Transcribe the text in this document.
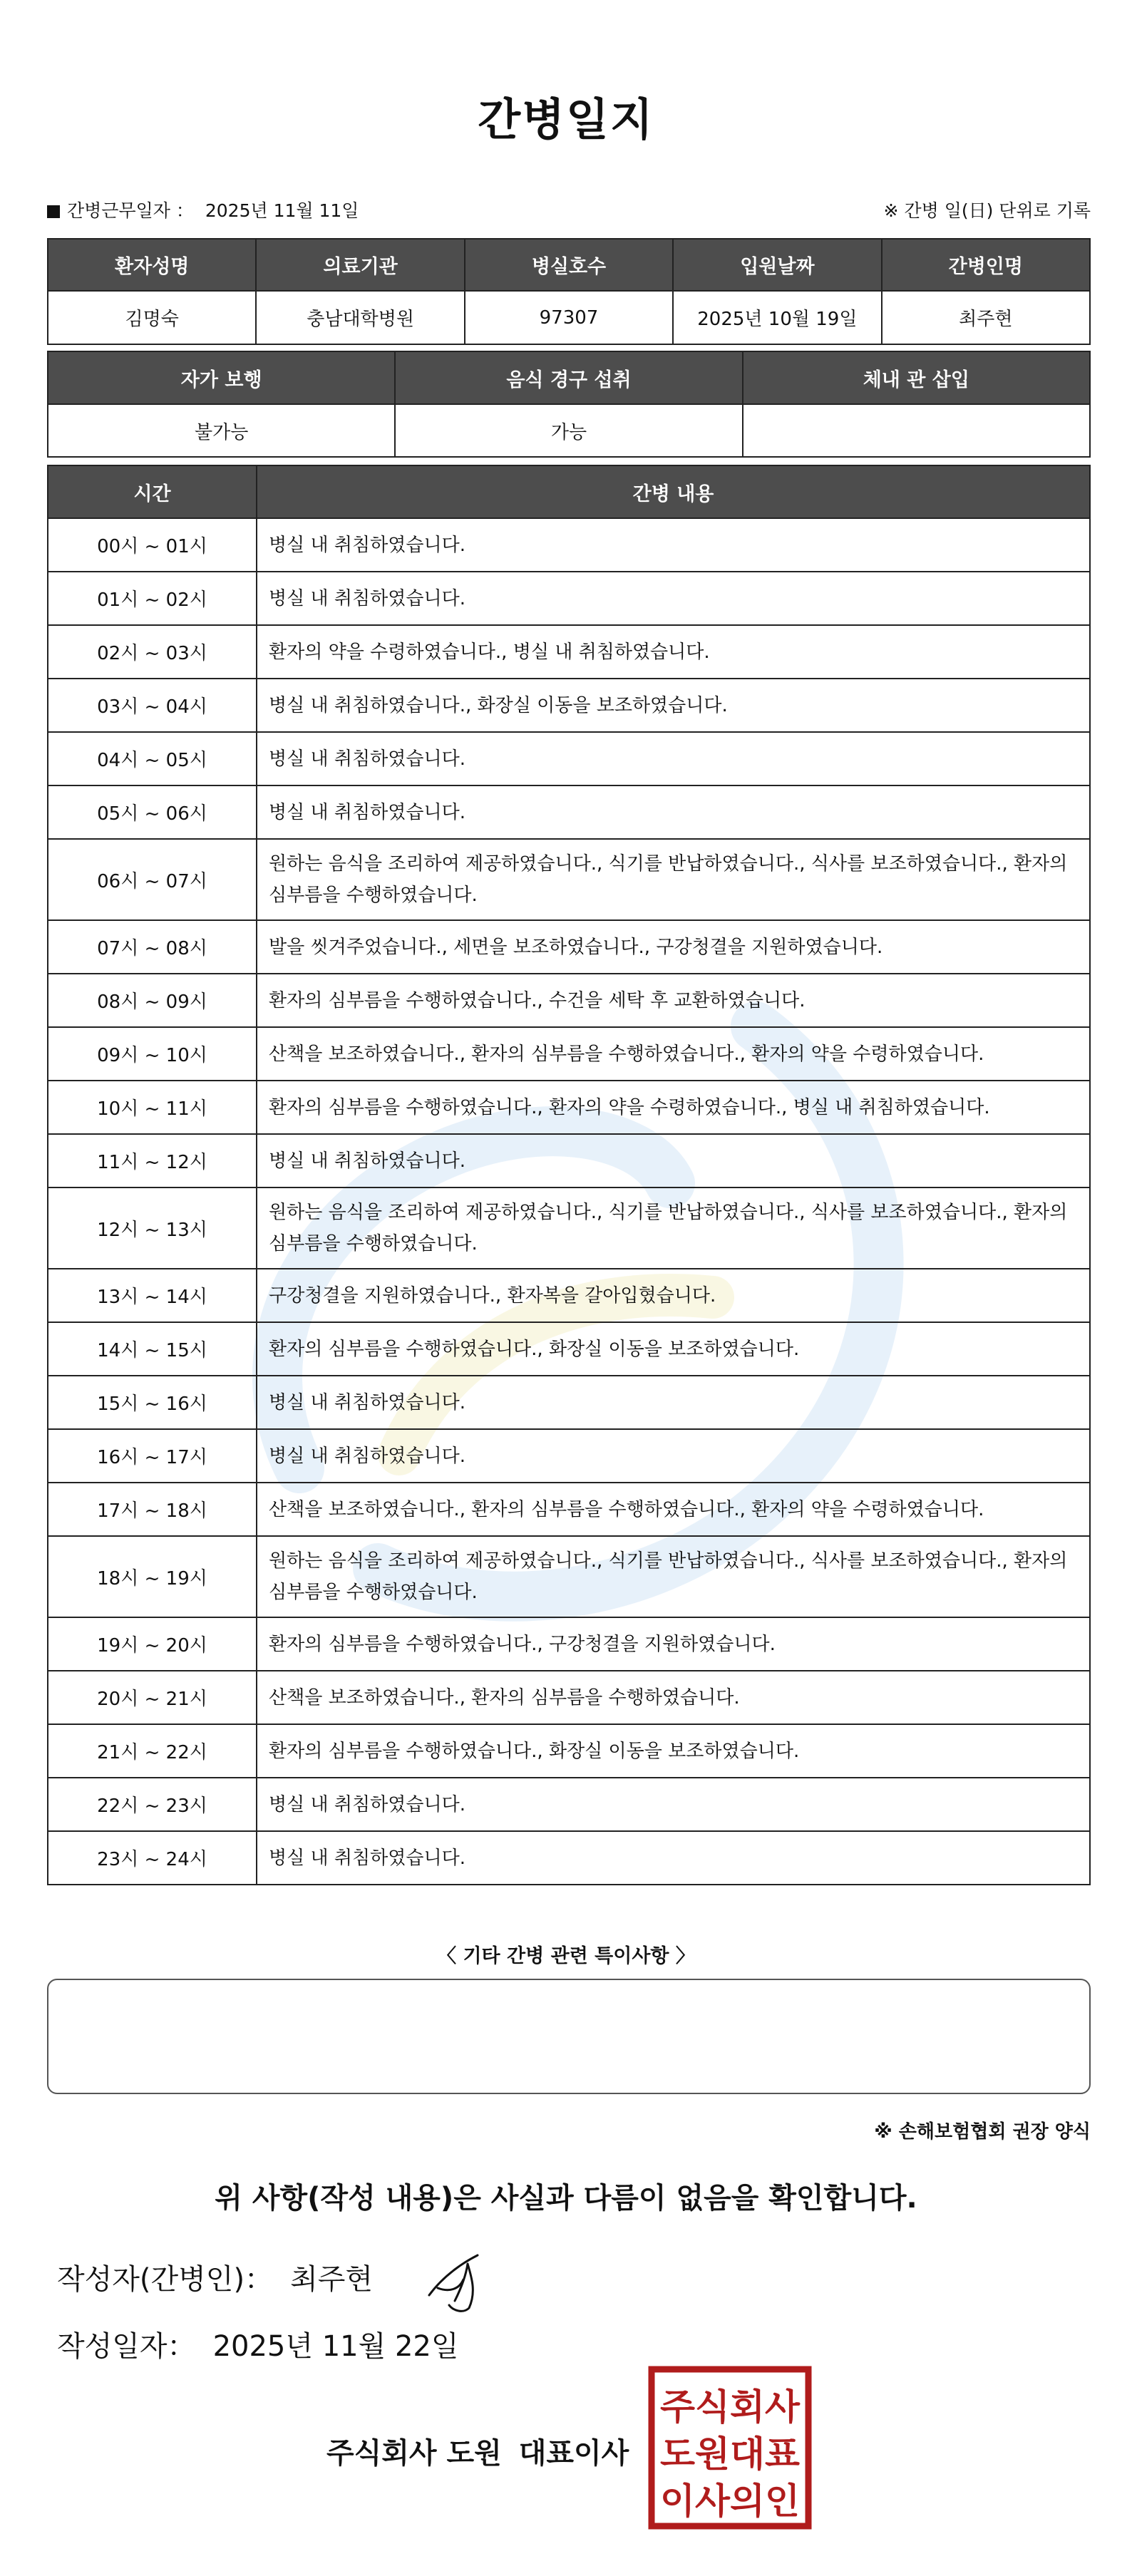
간병일지
간병근무일자 ： 2025년 11월 11일	※ 간병 일(日) 단위로 기록
환자성명	의료기관	병실호수	입원날짜	간병인명
김명숙	충남대학병원	97307	2025년 10월 19일	최주현
자가 보행	음식 경구 섭취	체내 관 삽입
불가능	가능	
시간	간병 내용
00시 ~ 01시	병실 내 취침하였습니다.
01시 ~ 02시	병실 내 취침하였습니다.
02시 ~ 03시	환자의 약을 수령하였습니다., 병실 내 취침하였습니다.
03시 ~ 04시	병실 내 취침하였습니다., 화장실 이동을 보조하였습니다.
04시 ~ 05시	병실 내 취침하였습니다.
05시 ~ 06시	병실 내 취침하였습니다.
06시 ~ 07시	원하는 음식을 조리하여 제공하였습니다., 식기를 반납하였습니다., 식사를 보조하였습니다., 환자의 심부름을 수행하였습니다.
07시 ~ 08시	발을 씻겨주었습니다., 세면을 보조하였습니다., 구강청결을 지원하였습니다.
08시 ~ 09시	환자의 심부름을 수행하였습니다., 수건을 세탁 후 교환하였습니다.
09시 ~ 10시	산책을 보조하였습니다., 환자의 심부름을 수행하였습니다., 환자의 약을 수령하였습니다.
10시 ~ 11시	환자의 심부름을 수행하였습니다., 환자의 약을 수령하였습니다., 병실 내 취침하였습니다.
11시 ~ 12시	병실 내 취침하였습니다.
12시 ~ 13시	원하는 음식을 조리하여 제공하였습니다., 식기를 반납하였습니다., 식사를 보조하였습니다., 환자의 심부름을 수행하였습니다.
13시 ~ 14시	구강청결을 지원하였습니다., 환자복을 갈아입혔습니다.
14시 ~ 15시	환자의 심부름을 수행하였습니다., 화장실 이동을 보조하였습니다.
15시 ~ 16시	병실 내 취침하였습니다.
16시 ~ 17시	병실 내 취침하였습니다.
17시 ~ 18시	산책을 보조하였습니다., 환자의 심부름을 수행하였습니다., 환자의 약을 수령하였습니다.
18시 ~ 19시	원하는 음식을 조리하여 제공하였습니다., 식기를 반납하였습니다., 식사를 보조하였습니다., 환자의 심부름을 수행하였습니다.
19시 ~ 20시	환자의 심부름을 수행하였습니다., 구강청결을 지원하였습니다.
20시 ~ 21시	산책을 보조하였습니다., 환자의 심부름을 수행하였습니다.
21시 ~ 22시	환자의 심부름을 수행하였습니다., 화장실 이동을 보조하였습니다.
22시 ~ 23시	병실 내 취침하였습니다.
23시 ~ 24시	병실 내 취침하였습니다.
〈 기타 간병 관련 특이사항 〉
※ 손해보험협회 권장 양식
위 사항(작성 내용)은 사실과 다름이 없음을 확인합니다.
작성자(간병인)： 최주현
작성일자： 2025년 11월 22일
주식회사 도원 대표이사
주식회사
도원대표
이사의인
